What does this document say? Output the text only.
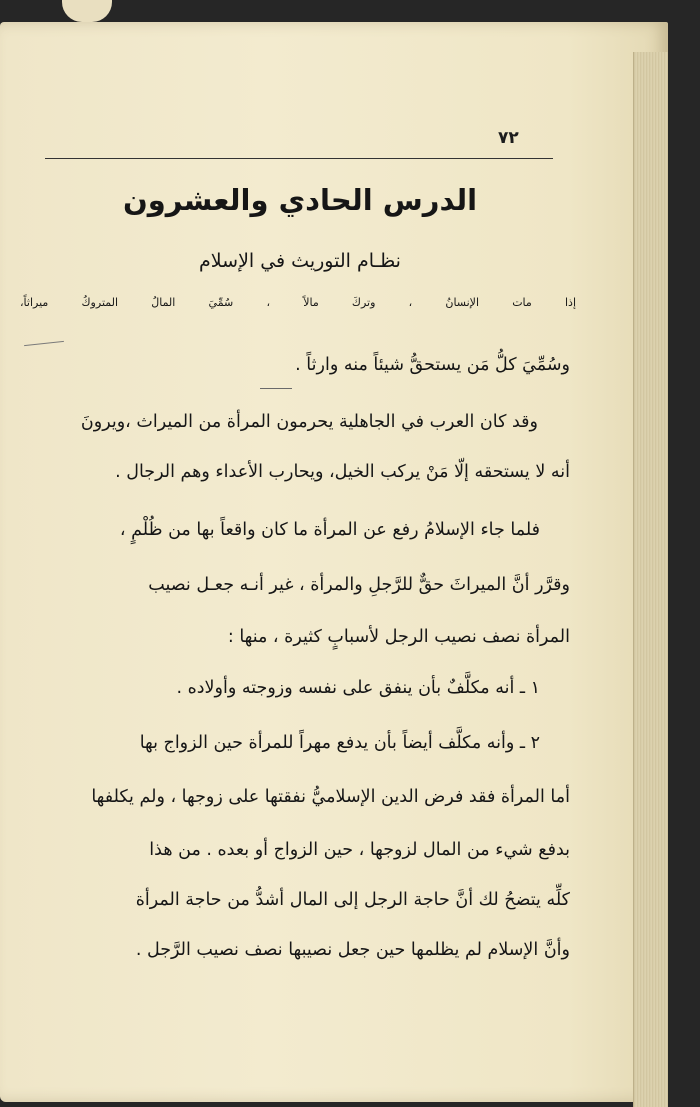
٧٢
الدرس الحادي والعشرون
نظـام التوريث في الإسلام
إذا مات الإنسانُ ، وتركَ مالاً ، سُمِّيَ المالُ المتروكُ ميراثاً،
وسُمِّيَ كلُّ مَن يستحقُّ شيئاً منه وارثاً .
وقد كان العرب في الجاهلية يحرمون المرأة من الميراث ،ويرونَ
أنه لا يستحقه إلّا مَنْ يركب الخيل، ويحارب الأعداء وهم الرجال .
فلما جاء الإسلامُ رفع عن المرأة ما كان واقعاً بها من ظُلْمٍ ،
وقرَّر أنَّ الميراثَ حقٌّ للرَّجلِ والمرأة ، غير أنـه جعـل نصيب
المرأة نصف نصيب الرجل لأسبابٍ كثيرة ، منها :
١ ـ أنه مكلَّفٌ بأن ينفق على نفسه وزوجته وأولاده .
٢ ـ وأنه مكلَّف أيضاً بأن يدفع مهراً للمرأة حين الزواج بها
أما المرأة فقد فرض الدين الإسلاميُّ نفقتها على زوجها ، ولم يكلفها
بدفع شيء من المال لزوجها ، حين الزواج أو بعده . من هذا
كلِّه يتضحُ لك أنَّ حاجة الرجل إلى المال أشدُّ من حاجة المرأة
وأنَّ الإسلام لم يظلمها حين جعل نصيبها نصف نصيب الرَّجل .
